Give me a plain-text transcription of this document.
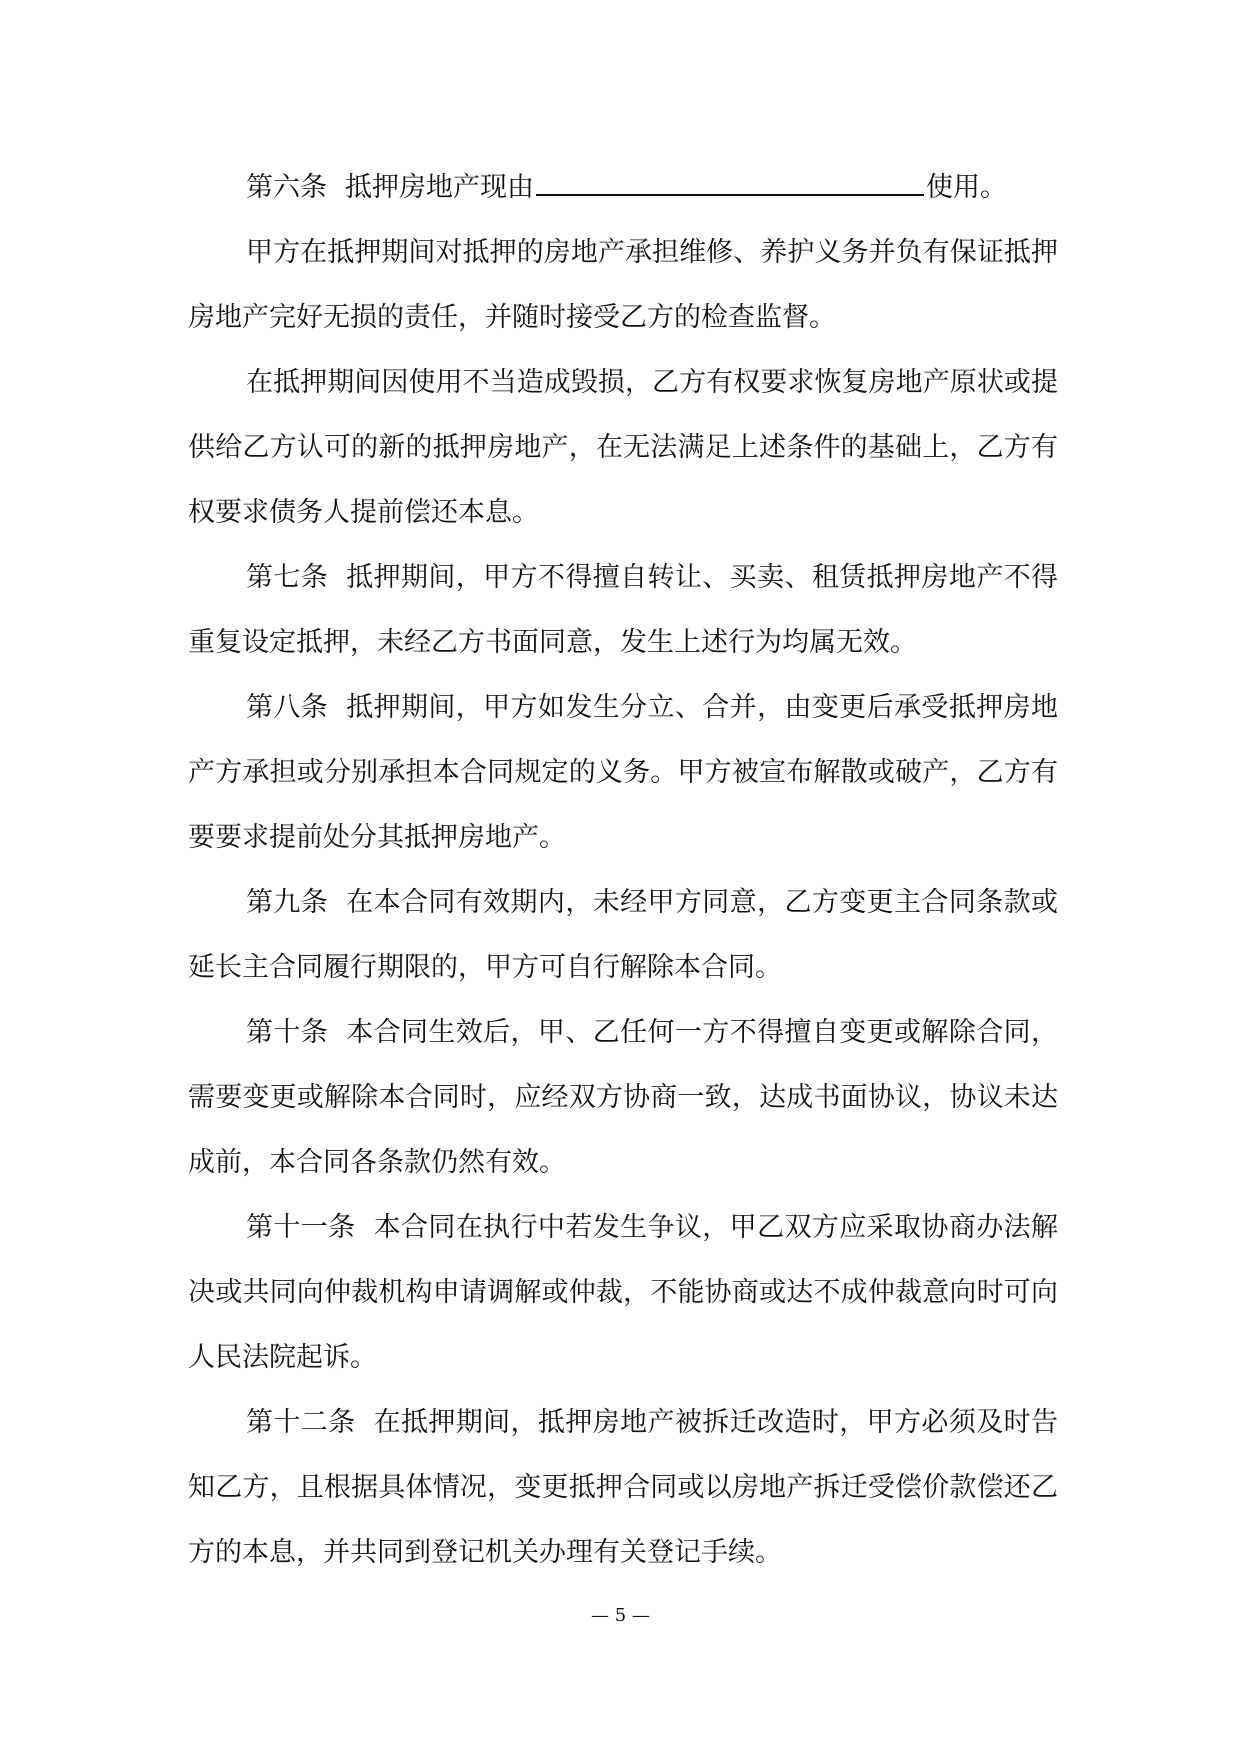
第六条 抵押房地产现由	使用。

甲方在抵押期间对抵押的房地产承担维修、养护义务并负有保证抵押房地产完好无损的责任，并随时接受乙方的检查监督。

在抵押期间因使用不当造成毁损，乙方有权要求恢复房地产原状或提供给乙方认可的新的抵押房地产，在无法满足上述条件的基础上，乙方有权要求债务人提前偿还本息。

第七条 抵押期间，甲方不得擅自转让、买卖、租赁抵押房地产不得重复设定抵押，未经乙方书面同意，发生上述行为均属无效。

第八条 抵押期间，甲方如发生分立、合并，由变更后承受抵押房地产方承担或分别承担本合同规定的义务。甲方被宣布解散或破产，乙方有要要求提前处分其抵押房地产。

第九条 在本合同有效期内，未经甲方同意，乙方变更主合同条款或延长主合同履行期限的，甲方可自行解除本合同。

第十条 本合同生效后，甲、乙任何一方不得擅自变更或解除合同，需要变更或解除本合同时，应经双方协商一致，达成书面协议，协议未达成前，本合同各条款仍然有效。

第十一条 本合同在执行中若发生争议，甲乙双方应采取协商办法解决或共同向仲裁机构申请调解或仲裁，不能协商或达不成仲裁意向时可向人民法院起诉。

第十二条 在抵押期间，抵押房地产被拆迁改造时，甲方必须及时告知乙方，且根据具体情况，变更抵押合同或以房地产拆迁受偿价款偿还乙方的本息，并共同到登记机关办理有关登记手续。

— 5 —
